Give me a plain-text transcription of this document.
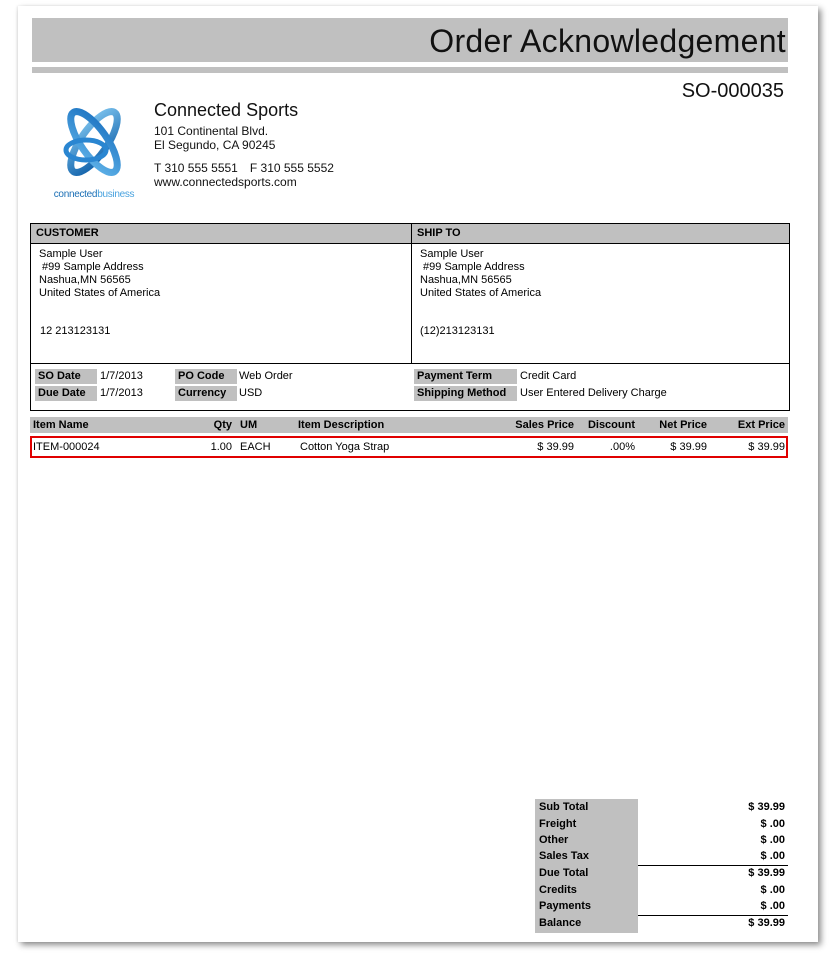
Order Acknowledgement
SO-000035
connectedbusiness
Connected Sports
101 Continental Blvd.
El Segundo, CA 90245
T 310 555 5551 F 310 555 5552
www.connectedsports.com
CUSTOMER
Sample User
#99 Sample Address
Nashua,MN 56565
United States of America
12 213123131
SHIP TO
Sample User
#99 Sample Address
Nashua,MN 56565
United States of America
(12)213123131
SO Date	1/7/2013
Due Date	1/7/2013
PO Code	Web Order
Currency	USD
Payment Term	Credit Card
Shipping Method	User Entered Delivery Charge
Item Name	Qty UM	Item Description	Sales Price Discount Net Price	Ext Price
ITEM-000024	1.00 EACH	Cotton Yoga Strap	$ 39.99	.00%	$ 39.99	$ 39.99
Sub Total	$ 39.99
Freight	$ .00
Other	$ .00
Sales Tax	$ .00
Due Total	$ 39.99
Credits	$ .00
Payments	$ .00
Balance	$ 39.99
